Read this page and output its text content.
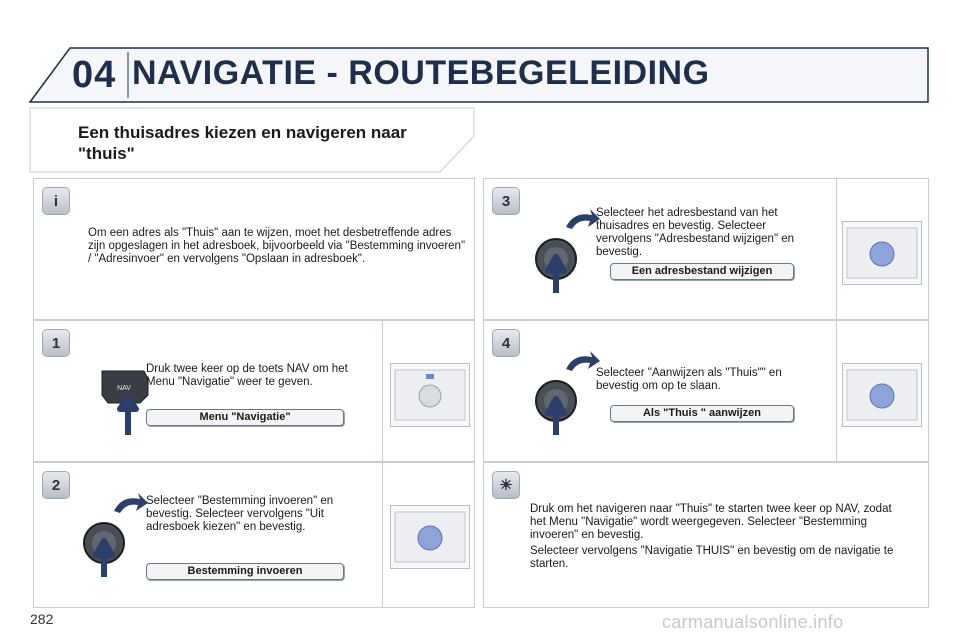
04 NAVIGATIE - ROUTEBEGELEIDING
Een thuisadres kiezen en navigeren naar "thuis"
i
Om een adres als "Thuis" aan te wijzen, moet het desbetreffende adres zijn opgeslagen in het adresboek, bijvoorbeeld via "Bestemming invoeren" / "Adresinvoer" en vervolgens "Opslaan in adresboek".
1
NAV
Druk twee keer op de toets NAV om het Menu "Navigatie" weer te geven.
Menu "Navigatie"
2
Selecteer "Bestemming invoeren" en bevestig. Selecteer vervolgens "Uit adresboek kiezen" en bevestig.
Bestemming invoeren
3
Selecteer het adresbestand van het thuisadres en bevestig. Selecteer vervolgens "Adresbestand wijzigen" en bevestig.
Een adresbestand wijzigen
4
Selecteer "Aanwijzen als "Thuis"" en bevestig om op te slaan.
Als "Thuis " aanwijzen
☀
Druk om het navigeren naar "Thuis" te starten twee keer op NAV, zodat het Menu "Navigatie" wordt weergegeven. Selecteer "Bestemming invoeren" en bevestig.
Selecteer vervolgens "Navigatie THUIS" en bevestig om de navigatie te starten.
282	carmanualsonline.info
